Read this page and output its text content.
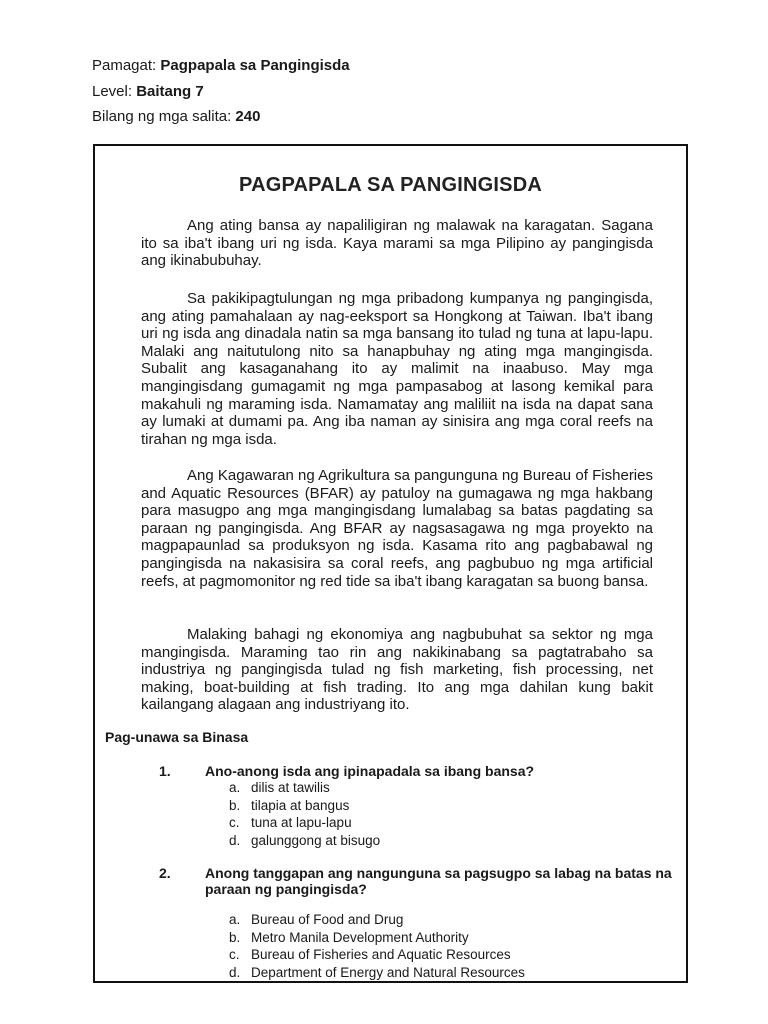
Pamagat: Pagpapala sa Pangingisda
Level: Baitang 7
Bilang ng mga salita: 240
PAGPAPALA SA PANGINGISDA

Ang ating bansa ay napaliligiran ng malawak na karagatan. Sagana ito sa iba't ibang uri ng isda. Kaya marami sa mga Pilipino ay pangingisda ang ikinabubuhay.

Sa pakikipagtulungan ng mga pribadong kumpanya ng pangingisda, ang ating pamahalaan ay nag-eeksport sa Hongkong at Taiwan. Iba't ibang uri ng isda ang dinadala natin sa mga bansang ito tulad ng tuna at lapu-lapu. Malaki ang naitutulong nito sa hanapbuhay ng ating mga mangingisda. Subalit ang kasaganahang ito ay malimit na inaabuso. May mga mangingisdang gumagamit ng mga pampasabog at lasong kemikal para makahuli ng maraming isda. Namamatay ang maliliit na isda na dapat sana ay lumaki at dumami pa. Ang iba naman ay sinisira ang mga coral reefs na tirahan ng mga isda.

Ang Kagawaran ng Agrikultura sa pangunguna ng Bureau of Fisheries and Aquatic Resources (BFAR) ay patuloy na gumagawa ng mga hakbang para masugpo ang mga mangingisdang lumalabag sa batas pagdating sa paraan ng pangingisda. Ang BFAR ay nagsasagawa ng mga proyekto na magpapaunlad sa produksyon ng isda. Kasama rito ang pagbabawal ng pangingisda na nakasisira sa coral reefs, ang pagbubuo ng mga artificial reefs, at pagmomonitor ng red tide sa iba't ibang karagatan sa buong bansa.

Malaking bahagi ng ekonomiya ang nagbubuhat sa sektor ng mga mangingisda. Maraming tao rin ang nakikinabang sa pagtatrabaho sa industriya ng pangingisda tulad ng fish marketing, fish processing, net making, boat-building at fish trading. Ito ang mga dahilan kung bakit kailangang alagaan ang industriyang ito.

Pag-unawa sa Binasa
1. Ano-anong isda ang ipinapadala sa ibang bansa?
a. dilis at tawilis
b. tilapia at bangus
c. tuna at lapu-lapu
d. galunggong at bisugo
2. Anong tanggapan ang nangunguna sa pagsugpo sa labag na batas na paraan ng pangingisda?
a. Bureau of Food and Drug
b. Metro Manila Development Authority
c. Bureau of Fisheries and Aquatic Resources
d. Department of Energy and Natural Resources
